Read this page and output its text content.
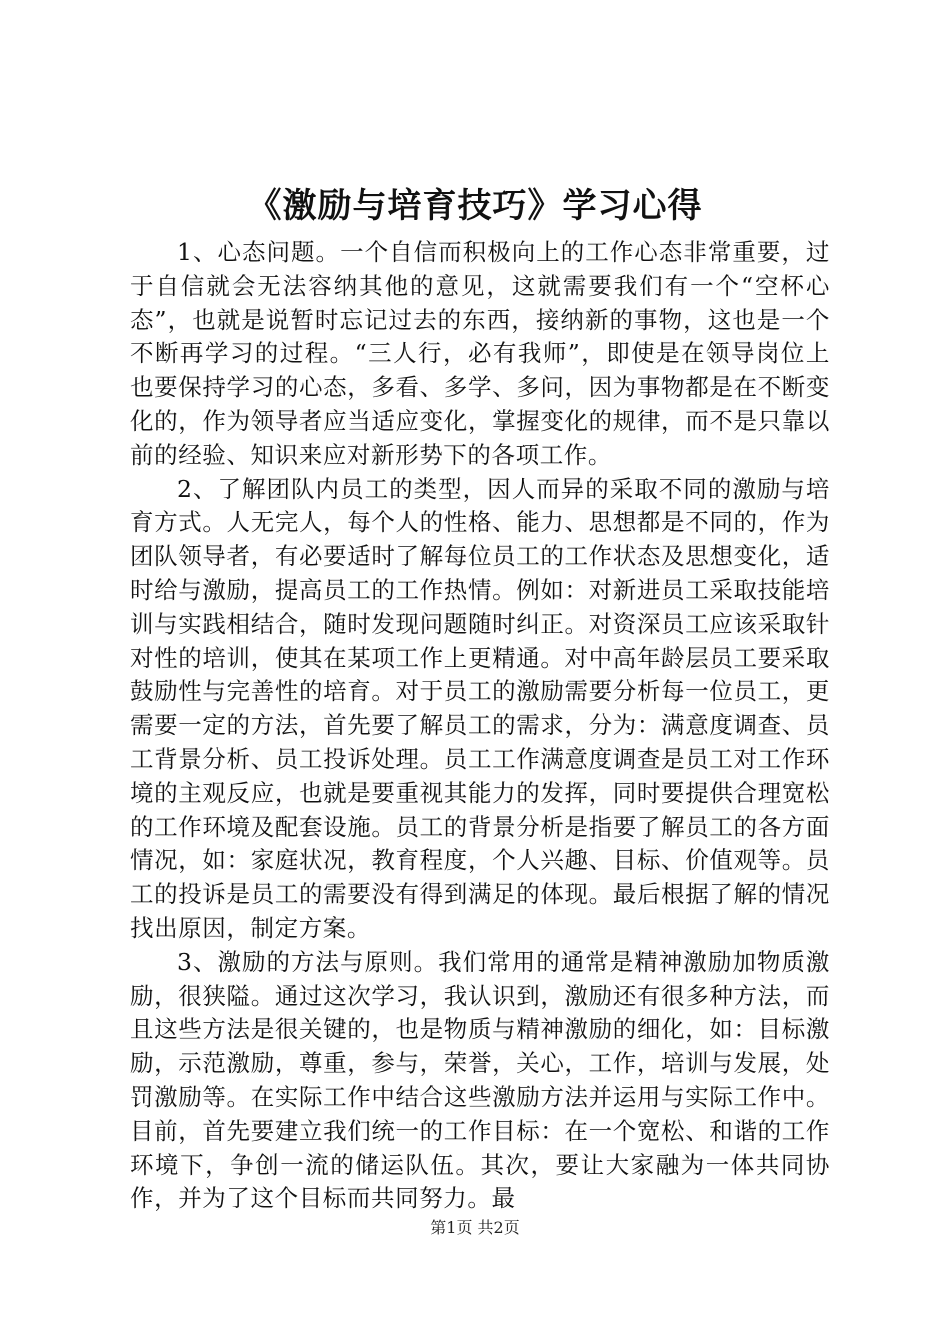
《激励与培育技巧》学习心得

1、心态问题。一个自信而积极向上的工作心态非常重要，过于自信就会无法容纳其他的意见，这就需要我们有一个“空杯心态”，也就是说暂时忘记过去的东西，接纳新的事物，这也是一个不断再学习的过程。“三人行，必有我师”，即使是在领导岗位上也要保持学习的心态，多看、多学、多问，因为事物都是在不断变化的，作为领导者应当适应变化，掌握变化的规律，而不是只靠以前的经验、知识来应对新形势下的各项工作。

2、了解团队内员工的类型，因人而异的采取不同的激励与培育方式。人无完人，每个人的性格、能力、思想都是不同的，作为团队领导者，有必要适时了解每位员工的工作状态及思想变化，适时给与激励，提高员工的工作热情。例如：对新进员工采取技能培训与实践相结合，随时发现问题随时纠正。对资深员工应该采取针对性的培训，使其在某项工作上更精通。对中高年龄层员工要采取鼓励性与完善性的培育。对于员工的激励需要分析每一位员工，更需要一定的方法，首先要了解员工的需求，分为：满意度调查、员工背景分析、员工投诉处理。员工工作满意度调查是员工对工作环境的主观反应，也就是要重视其能力的发挥，同时要提供合理宽松的工作环境及配套设施。员工的背景分析是指要了解员工的各方面情况，如：家庭状况，教育程度，个人兴趣、目标、价值观等。员工的投诉是员工的需要没有得到满足的体现。最后根据了解的情况找出原因，制定方案。

3、激励的方法与原则。我们常用的通常是精神激励加物质激励，很狭隘。通过这次学习，我认识到，激励还有很多种方法，而且这些方法是很关键的，也是物质与精神激励的细化，如：目标激励，示范激励，尊重，参与，荣誉，关心，工作，培训与发展，处罚激励等。在实际工作中结合这些激励方法并运用与实际工作中。目前，首先要建立我们统一的工作目标：在一个宽松、和谐的工作环境下，争创一流的储运队伍。其次，要让大家融为一体共同协作，并为了这个目标而共同努力。最

第1页 共2页
